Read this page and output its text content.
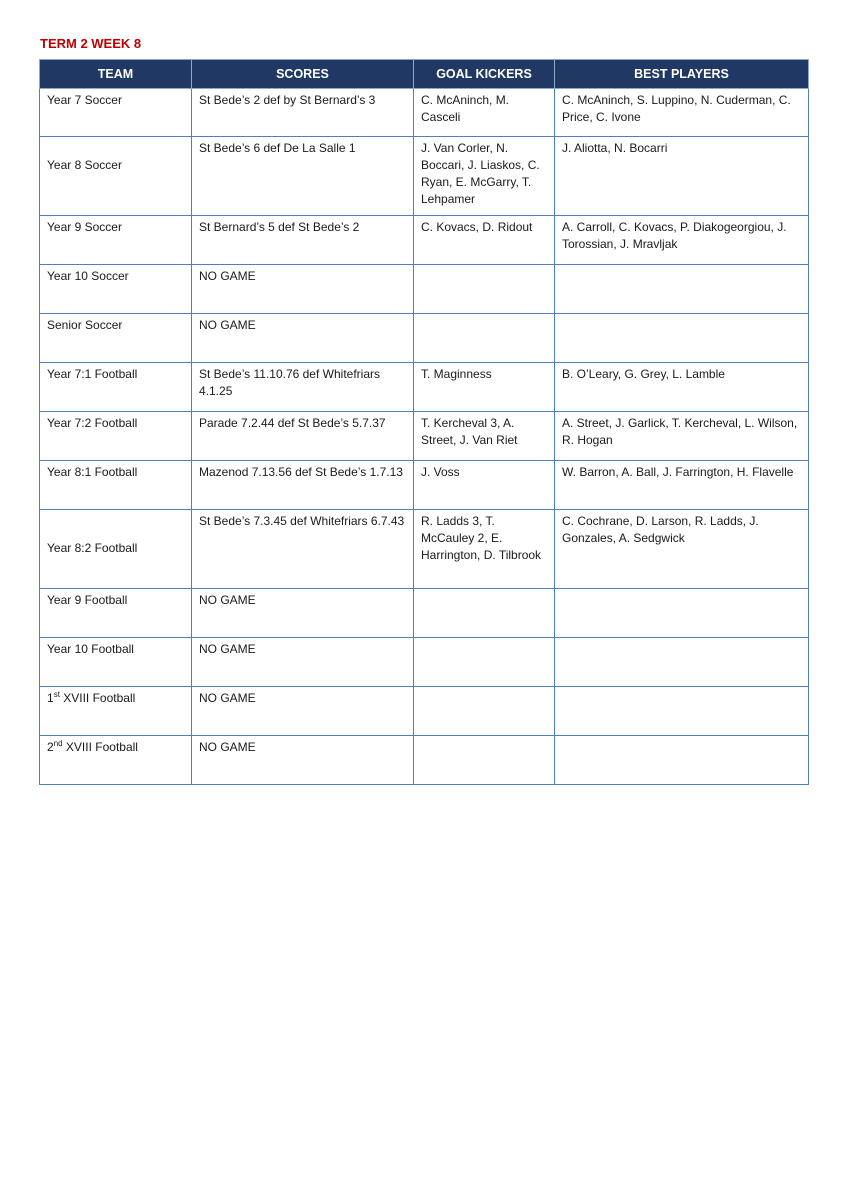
TERM 2 WEEK 8
TEAM	SCORES	GOAL KICKERS	BEST PLAYERS
Year 7 Soccer	St Bede’s 2 def by St Bernard’s 3	C. McAninch, M. Casceli	C. McAninch, S. Luppino, N. Cuderman, C. Price, C. Ivone
Year 8 Soccer	St Bede’s 6 def De La Salle 1	J. Van Corler, N. Boccari, J. Liaskos, C. Ryan, E. McGarry, T. Lehpamer	J. Aliotta, N. Bocarri
Year 9 Soccer	St Bernard’s 5 def St Bede’s 2	C. Kovacs, D. Ridout	A. Carroll, C. Kovacs, P. Diakogeorgiou, J. Torossian, J. Mravljak
Year 10 Soccer	NO GAME		
Senior Soccer	NO GAME		
Year 7:1 Football	St Bede’s 11.10.76 def Whitefriars 4.1.25	T. Maginness	B. O’Leary, G. Grey, L. Lamble
Year 7:2 Football	Parade 7.2.44 def St Bede’s 5.7.37	T. Kercheval 3, A. Street, J. Van Riet	A. Street, J. Garlick, T. Kercheval, L. Wilson, R. Hogan
Year 8:1 Football	Mazenod 7.13.56 def St Bede’s 1.7.13	J. Voss	W. Barron, A. Ball, J. Farrington, H. Flavelle
Year 8:2 Football	St Bede’s 7.3.45 def Whitefriars 6.7.43	R. Ladds 3, T. McCauley 2, E. Harrington, D. Tilbrook	C. Cochrane, D. Larson, R. Ladds, J. Gonzales, A. Sedgwick
Year 9 Football	NO GAME		
Year 10 Football	NO GAME		
1st XVIII Football	NO GAME		
2nd XVIII Football	NO GAME		
